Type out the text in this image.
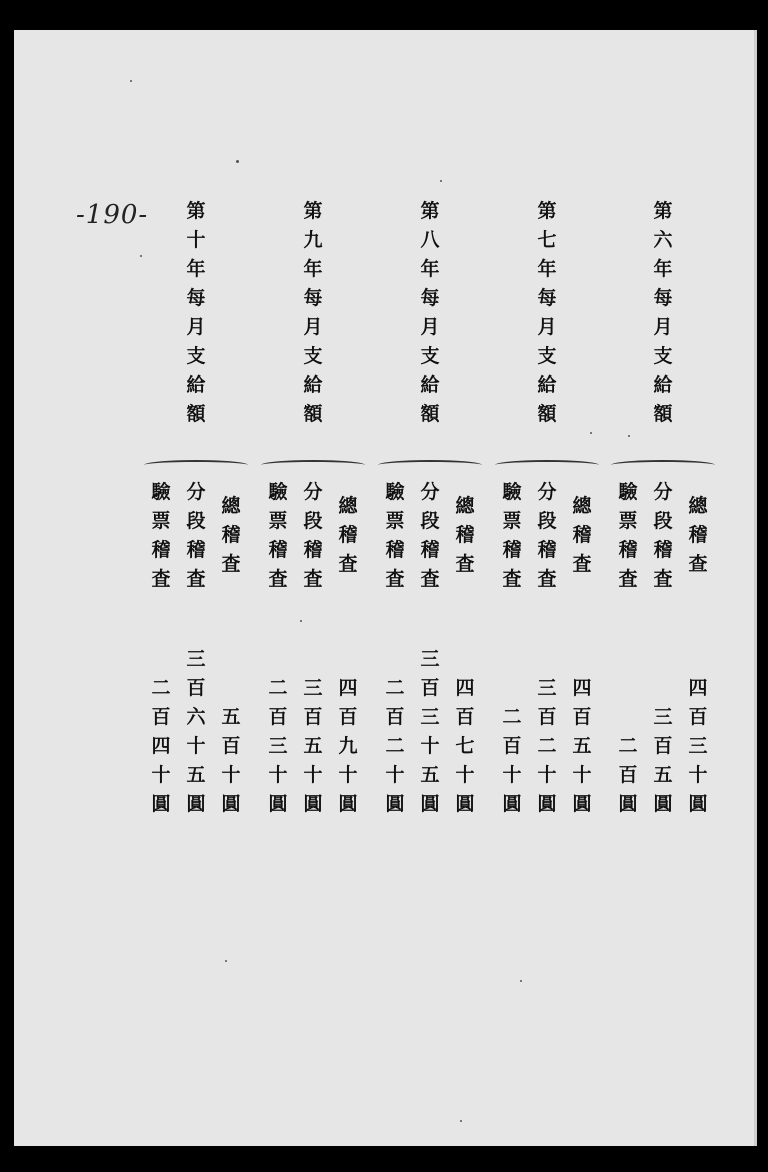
-190-	第
六
年
每
月
支
給
額
總
稽
查
四
百
三
十
圓
分
段
稽
査
三
百
五
圓
驗
票
稽
査
二
百
圓
第
七
年
每
月
支
給
額
總
稽
査
四
百
五
十
圓
分
段
稽
査
三
百
二
十
圓
驗
票
稽
査
二
百
十
圓
第
八
年
每
月
支
給
額
總
稽
査
四
百
七
十
圓
分
段
稽
査
三
百
三
十
五
圓
驗
票
稽
査
二
百
二
十
圓
第
九
年
每
月
支
給
額
總
稽
査
四
百
九
十
圓
分
段
稽
査
三
百
五
十
圓
驗
票
稽
査
二
百
三
十
圓
第
十
年
每
月
支
給
額
總
稽
査
五
百
十
圓
分
段
稽
査
三
百
六
十
五
圓
驗
票
稽
査
二
百
四
十
圓
